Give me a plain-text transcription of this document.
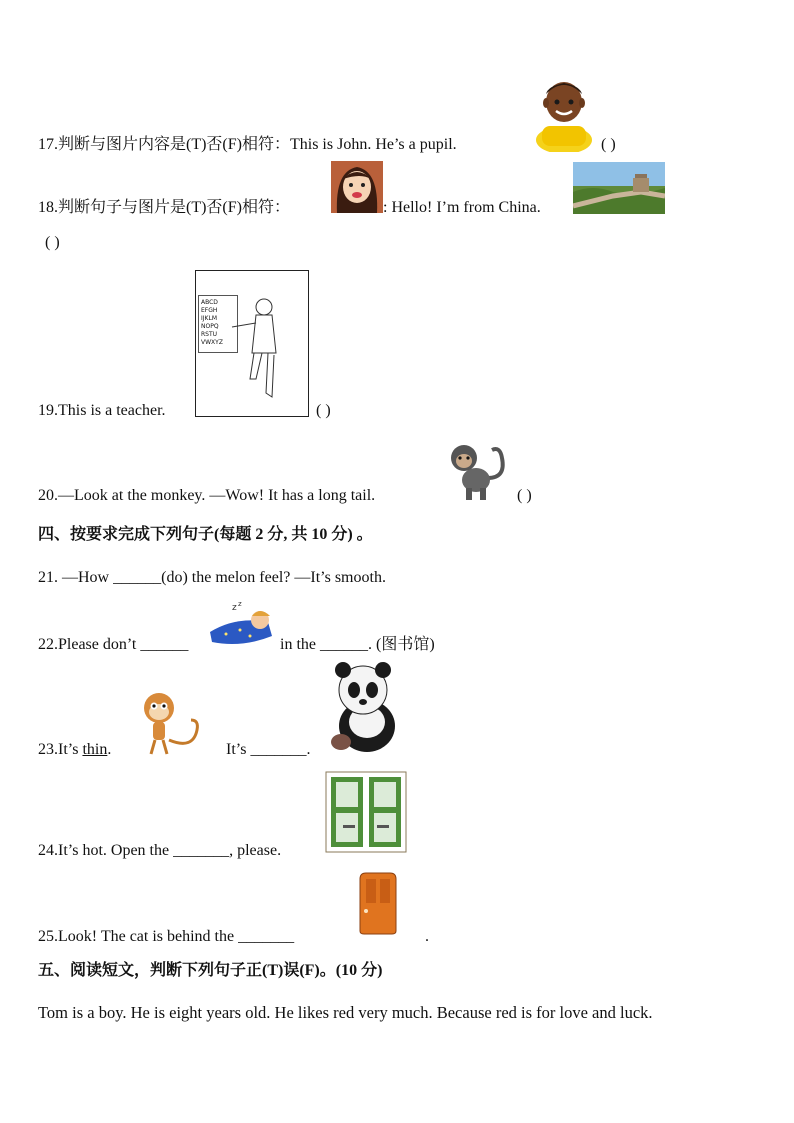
17.判断与图片内容是(T)否(F)相符：This is John. He’s a pupil.	( )
18.判断句子与图片是(T)否(F)相符：	: Hello! I’m from China.
( )
19.This is a teacher.
ABCD
EFGH
IJKLM
NOPQ
RSTU
VWXYZ
( )
20.—Look at the monkey. —Wow! It has a long tail.	( )
四、按要求完成下列句子(每题 2 分, 共 10 分) 。
21. —How ______(do) the melon feel? —It’s smooth.
22.Please don’t ______
z z
in the ______. (图书馆)
23.It’s thin.	It’s _______.
24.It’s hot. Open the _______, please.
25.Look! The cat is behind the _______	.
五、阅读短文，判断下列句子正(T)误(F)。(10 分)
Tom is a boy. He is eight years old. He likes red very much. Because red is for love and luck.
